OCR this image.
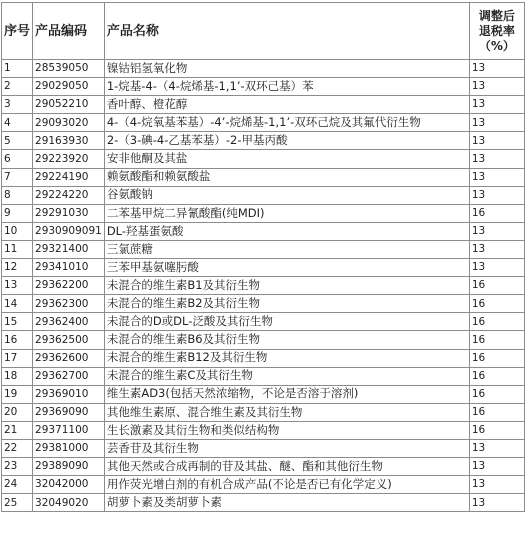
序号	产品编码	产品名称	调整后
退税率
（%）

1	28539050	镍钴铝氢氧化物	13
2	29029050	1-烷基-4-（4-烷烯基-1,1’-双环己基）苯	13
3	29052210	香叶醇、橙花醇	13
4	29093020	4-（4-烷氧基苯基）-4’-烷烯基-1,1’-双环己烷及其氟代衍生物	13
5	29163930	2-（3-碘-4-乙基苯基）-2-甲基丙酸	13
6	29223920	安非他酮及其盐	13
7	29224190	赖氨酸酯和赖氨酸盐	13
8	29224220	谷氨酸钠	13
9	29291030	二苯基甲烷二异氰酸酯(纯MDI)	16
10	2930909091	DL-羟基蛋氨酸	13
11	29321400	三氯蔗糖	13
12	29341010	三苯甲基氨噻肟酸	13
13	29362200	未混合的维生素B1及其衍生物	16
14	29362300	未混合的维生素B2及其衍生物	16
15	29362400	未混合的D或DL-泛酸及其衍生物	16
16	29362500	未混合的维生素B6及其衍生物	16
17	29362600	未混合的维生素B12及其衍生物	16
18	29362700	未混合的维生素C及其衍生物	16
19	29369010	维生素AD3(包括天然浓缩物，不论是否溶于溶剂)	16
20	29369090	其他维生素原、混合维生素及其衍生物	16
21	29371100	生长激素及其衍生物和类似结构物	16
22	29381000	芸香苷及其衍生物	13
23	29389090	其他天然或合成再制的苷及其盐、醚、酯和其他衍生物	13
24	32042000	用作荧光增白剂的有机合成产品(不论是否已有化学定义)	13
25	32049020	胡萝卜素及类胡萝卜素	13
